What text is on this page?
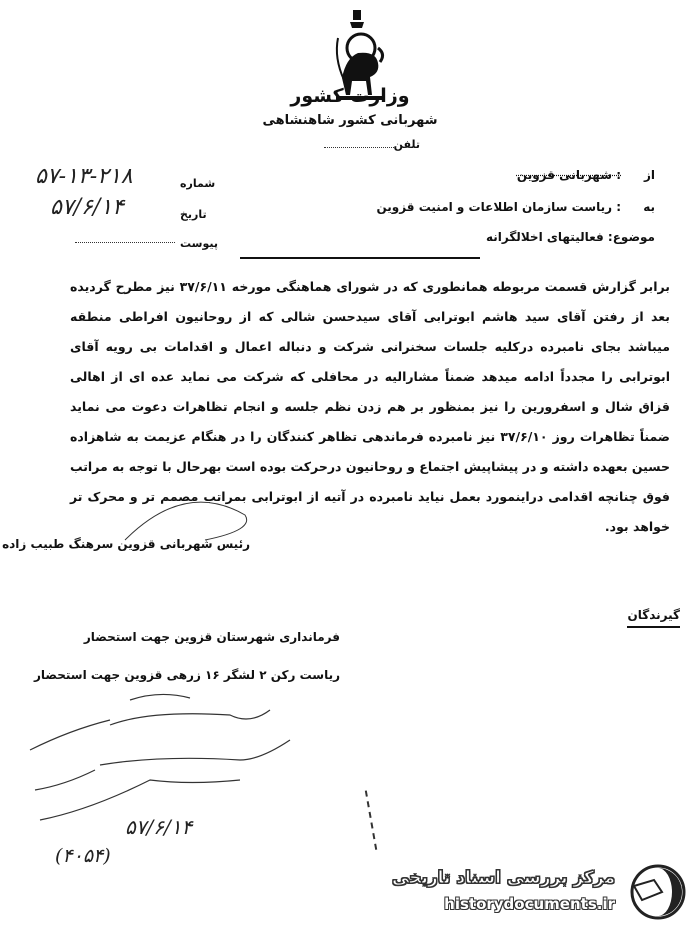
وزارت کشور
شهربانی کشور شاهنشاهی
تلفن
شماره
۵۷-۱۳-۲۱۸
تاریخ
۵۷/۶/۱۴
پیوست
از: شهربانی قزوین
به: ریاست سازمان اطلاعات و امنیت قزوین
موضوع: فعالیتهای اخلالگرانه
برابر گزارش قسمت مربوطه همانطوری که در شورای هماهنگی مورخه ۳۷/۶/۱۱ نیز مطرح گردیده بعد از رفتن آقای سید هاشم ابوترابی آقای سیدحسن شالی که از روحانیون افراطی منطقه میباشد بجای نامبرده درکلیه جلسات سخنرانی شرکت و دنباله اعمال و اقدامات بی رویه آقای ابوترابی را مجدداً ادامه میدهد ضمناً مشارالیه در محافلی که شرکت می نماید عده ای از اهالی قزاق شال و اسفرورین را نیز بمنظور بر هم زدن نظم جلسه و انجام تظاهرات دعوت می نماید ضمناً تظاهرات روز ۳۷/۶/۱۰ نیز نامبرده فرماندهی تظاهر کنندگان را در هنگام عزیمت به شاهزاده حسین بعهده داشته و در پیشاپیش اجتماع و روحانیون درحرکت بوده است بهرحال با توجه به مراتب فوق چنانچه اقدامی دراینمورد بعمل نیاید نامبرده در آتیه از ابوترابی بمراتب مصمم تر و محرک تر خواهد بود.
رئیس شهربانی قزوین سرهنگ طبیب زاده
گیرندگان
فرمانداری شهرستان قزوین جهت استحضار
ریاست رکن ۲ لشگر ۱۶ زرهی قزوین جهت استحضار
۵۷/۶/۱۴
(۴۰۵۴)
مرکز بررسی اسناد تاریخی
historydocuments.ir
